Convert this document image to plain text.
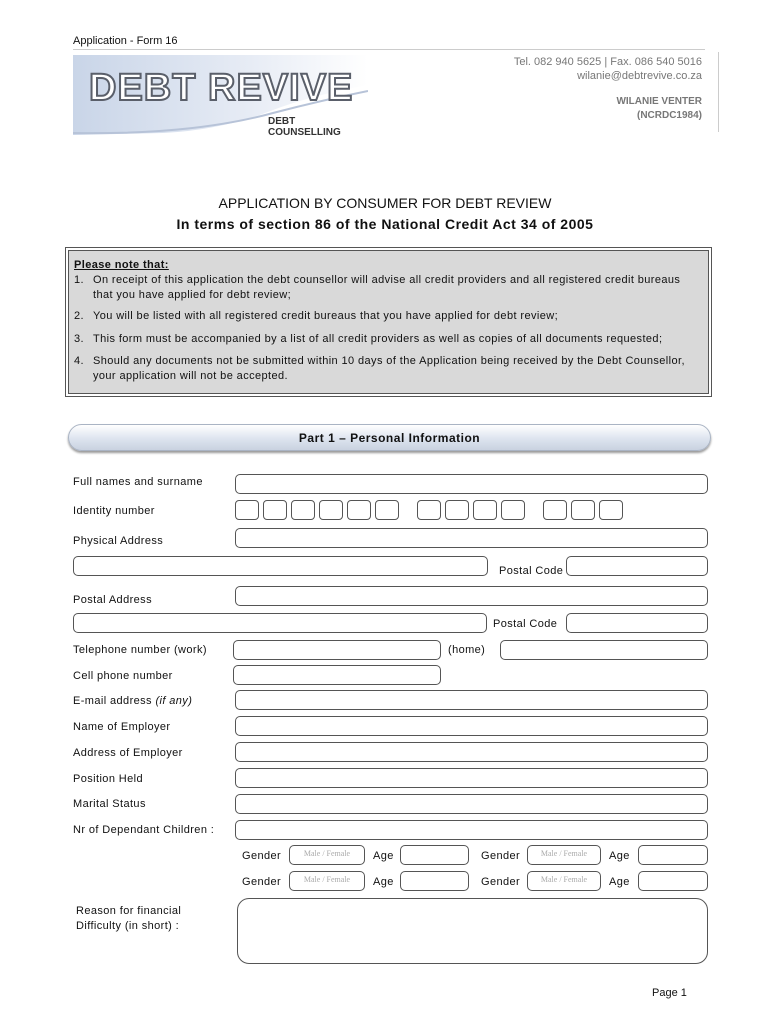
Application - Form 16
DEBT REVIVE
DEBT COUNSELLING
Tel. 082 940 5625 | Fax. 086 540 5016
wilanie@debtrevive.co.za
WILANIE VENTER
(NCRDC1984)
APPLICATION BY CONSUMER FOR DEBT REVIEW
In terms of section 86 of the National Credit Act 34 of 2005
Please note that:
1. On receipt of this application the debt counsellor will advise all credit providers and all registered credit bureaus
that you have applied for debt review;
2. You will be listed with all registered credit bureaus that you have applied for debt review;
3. This form must be accompanied by a list of all credit providers as well as copies of all documents requested;
4. Should any documents not be submitted within 10 days of the Application being received by the Debt Counsellor,
your application will not be accepted.
Part 1 – Personal Information
Full names and surname
Identity number
Physical Address
Postal Code
Postal Address
Postal Code
Telephone number (work)	(home)
Cell phone number
E-mail address (if any)
Name of Employer
Address of Employer
Position Held
Marital Status
Nr of Dependant Children :
Gender	Male / Female	Age	Gender	Male / Female	Age
Gender	Male / Female	Age	Gender	Male / Female	Age
Reason for financial
Difficulty (in short) :
Page 1
